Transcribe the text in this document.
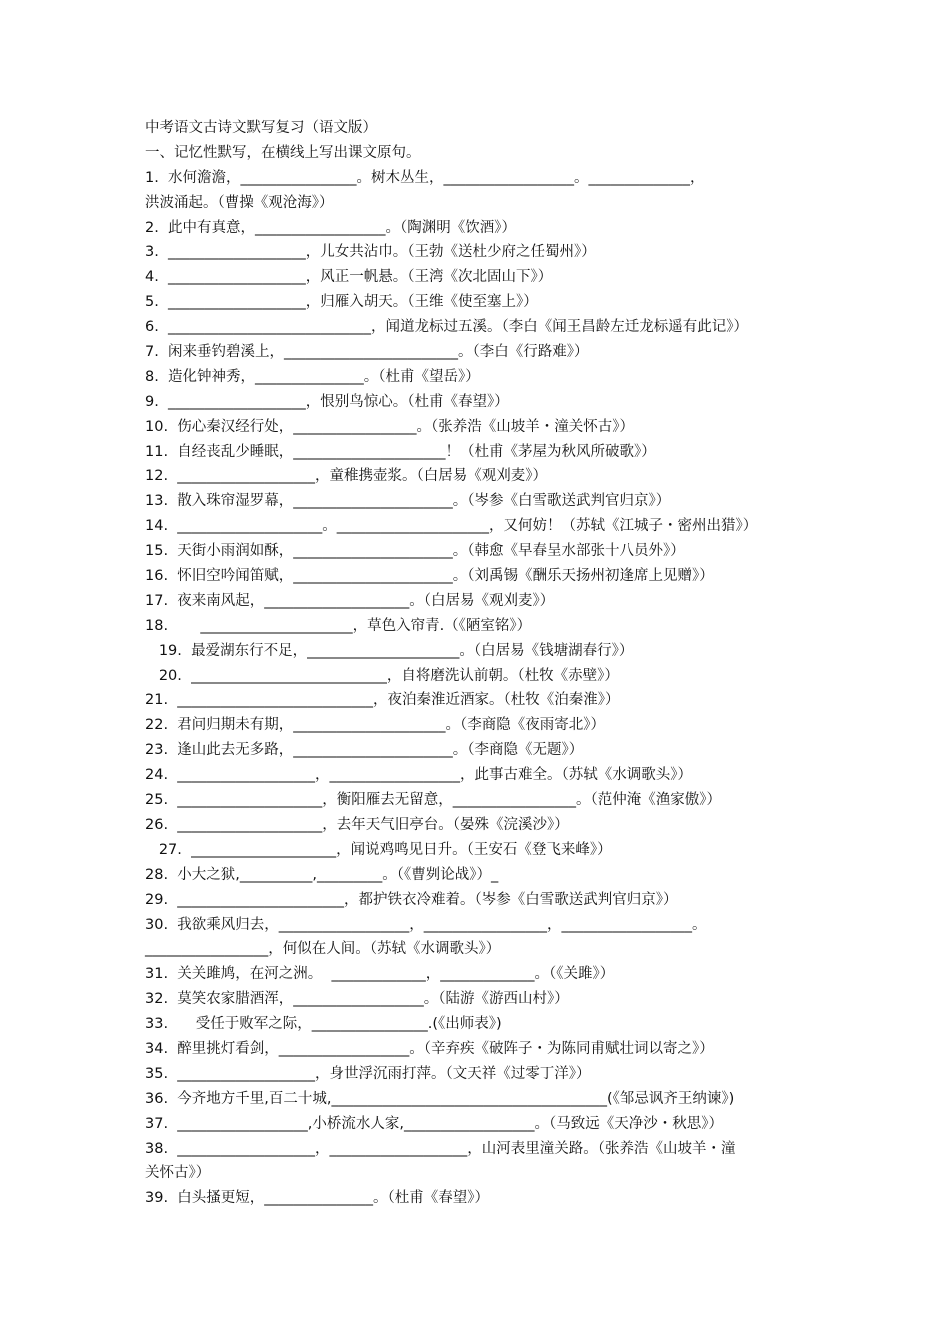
中考语文古诗文默写复习（语文版）
一、记忆性默写，在横线上写出课文原句。
1.  水何澹澹，________________。树木丛生，__________________。______________，
洪波涌起。（曹操《观沧海》）
2.  此中有真意，__________________。（陶渊明《饮酒》）
3.  ___________________，儿女共沾巾。（王勃《送杜少府之任蜀州》）
4.  ___________________，风正一帆悬。（王湾《次北固山下》）
5.  ___________________，归雁入胡天。（王维《使至塞上》）
6.  ____________________________，闻道龙标过五溪。（李白《闻王昌龄左迁龙标遥有此记》）
7.  闲来垂钓碧溪上，________________________。（李白《行路难》）
8.  造化钟神秀，_______________。（杜甫《望岳》）
9.  ___________________，恨别鸟惊心。（杜甫《春望》）
10.  伤心秦汉经行处，_________________。（张养浩《山坡羊・潼关怀古》）
11.  自经丧乱少睡眠，_____________________！（杜甫《茅屋为秋风所破歌》）
12.  ___________________，童稚携壶浆。（白居易《观刈麦》）
13.  散入珠帘湿罗幕，______________________。（岑参《白雪歌送武判官归京》）
14.  ____________________。_____________________，又何妨！（苏轼《江城子・密州出猎》）
15.  天街小雨润如酥，______________________。（韩愈《早春呈水部张十八员外》）
16.  怀旧空吟闻笛赋，______________________。（刘禹锡《酬乐天扬州初逢席上见赠》）
17.  夜来南风起，____________________。（白居易《观刈麦》）
18.       _____________________，草色入帘青.（《陋室铭》）
19.  最爱湖东行不足，_____________________。（白居易《钱塘湖春行》）
20.  ___________________________，自将磨洗认前朝。（杜牧《赤壁》）
21.  ___________________________，夜泊秦淮近酒家。（杜牧《泊秦淮》）
22.  君问归期未有期，_____________________。（李商隐《夜雨寄北》）
23.  逢山此去无多路，______________________。（李商隐《无题》）
24.  ___________________，__________________，此事古难全。（苏轼《水调歌头》）
25.  ____________________，衡阳雁去无留意，_________________。（范仲淹《渔家傲》）
26.  ____________________，去年天气旧亭台。（晏殊《浣溪沙》）
27.  ____________________，闻说鸡鸣见日升。（王安石《登飞来峰》）
28.  小大之狱,__________,_________。（《曹刿论战》）_
29.  _______________________，都护铁衣冷难着。（岑参《白雪歌送武判官归京》）
30.  我欲乘风归去，__________________，_________________，__________________。
_________________，何似在人间。（苏轼《水调歌头》）
31.  关关雎鸠，在河之洲。  _____________，_____________。（《关雎》）
32.  莫笑农家腊酒浑，__________________。（陆游《游西山村》）
33.      受任于败军之际，________________.(《出师表》)
34.  醉里挑灯看剑，__________________。（辛弃疾《破阵子・为陈同甫赋壮词以寄之》）
35.  ___________________，身世浮沉雨打萍。（文天祥《过零丁洋》）
36.  今齐地方千里,百二十城,______________________________________(《邹忌讽齐王纳谏》)
37.  __________________,小桥流水人家,__________________。（马致远《天净沙・秋思》）
38.  ___________________，___________________，山河表里潼关路。（张养浩《山坡羊・潼
关怀古》）
39.  白头搔更短，_______________。（杜甫《春望》）
